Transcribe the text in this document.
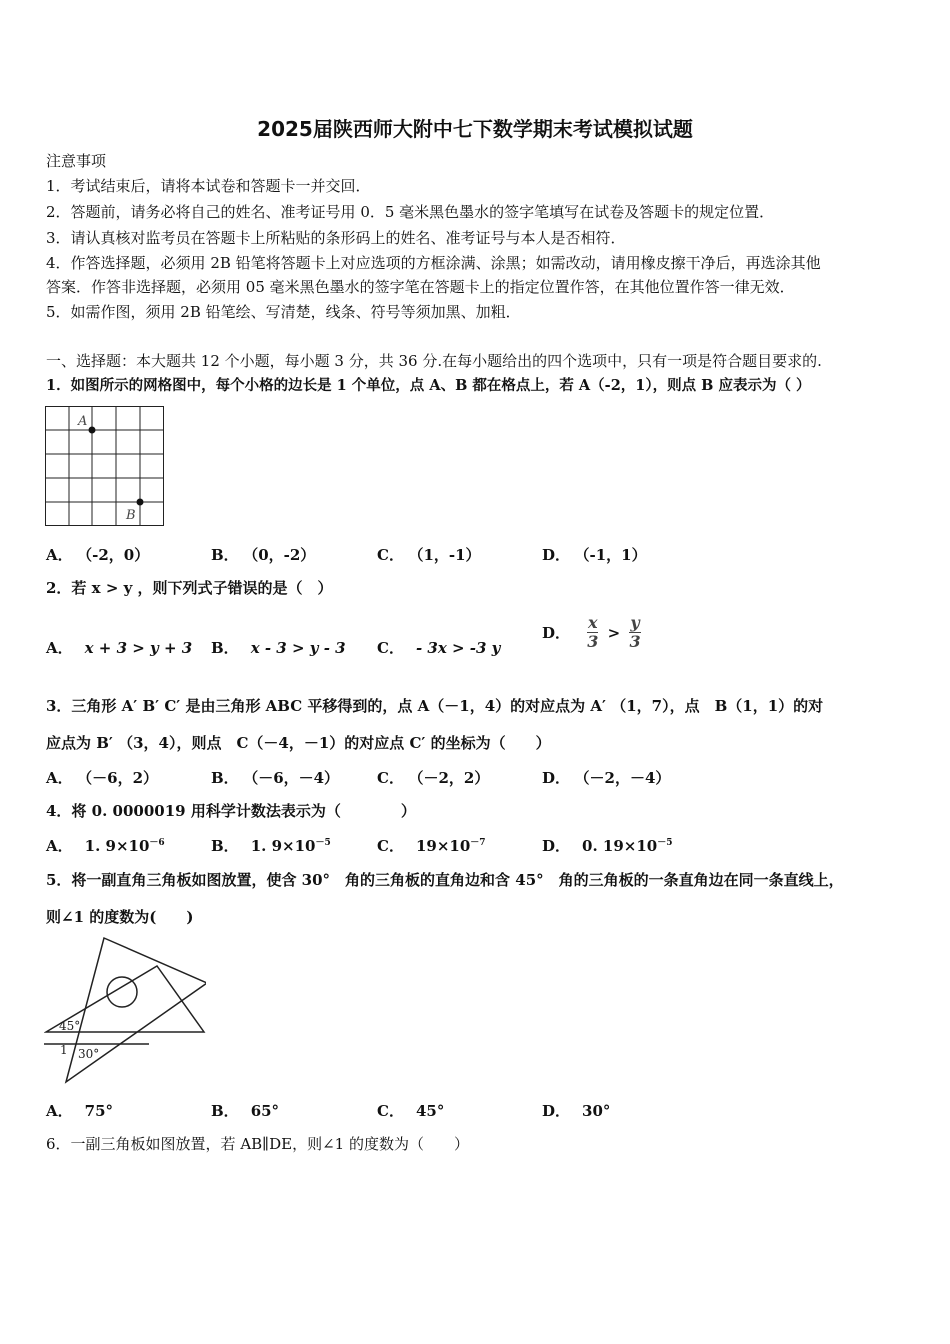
2025届陕西师大附中七下数学期末考试模拟试题
注意事项
1．考试结束后，请将本试卷和答题卡一并交回．
2．答题前，请务必将自己的姓名、准考证号用 0．5 毫米黑色墨水的签字笔填写在试卷及答题卡的规定位置．
3．请认真核对监考员在答题卡上所粘贴的条形码上的姓名、准考证号与本人是否相符．
4．作答选择题，必须用 2B 铅笔将答题卡上对应选项的方框涂满、涂黑；如需改动，请用橡皮擦干净后，再选涂其他
答案．作答非选择题，必须用 05 毫米黑色墨水的签字笔在答题卡上的指定位置作答，在其他位置作答一律无效．
5．如需作图，须用 2B 铅笔绘、写清楚，线条、符号等须加黑、加粗．
一、选择题：本大题共 12 个小题，每小题 3 分，共 36 分.在每小题给出的四个选项中，只有一项是符合题目要求的.
1．如图所示的网格图中，每个小格的边长是 1 个单位，点 A、B 都在格点上，若 A（-2，1），则点 B 应表示为（ ）
A
B
A． （-2，0）	B． （0，-2）	C． （1，-1）	D． （-1，1）
2．若 x > y ，则下列式子错误的是（　）
A． x + 3 > y + 3 B． x - 3 > y - 3 C． - 3x > -3 y
D． $\frac{x}{3} > \frac{y}{3}$
3．三角形 A′ B′ C′ 是由三角形 ABC 平移得到的，点 A（－1，4）的对应点为 A′ （1，7），点　B（1，1）的对
应点为 B′ （3，4），则点　C（－4，－1）的对应点 C′ 的坐标为（　　）
A． （－6，2）	B． （－6，－4）	C． （－2，2）	D． （－2，－4）
4．将 0. 0000019 用科学计数法表示为（　　　　）
A． 1. $9\times 10^{-6}$	B． 1. $9\times 10^{-5}$	C． $19\times 10^{-7}$	D． 0. $19\times 10^{-5}$
5．将一副直角三角板如图放置，使含 30°　角的三角板的直角边和含 45°　角的三角板的一条直角边在同一条直线上，
则∠1 的度数为(　　)
45°
1 30°
A． 75°	B． 65°	C． 45°	D． 30°
6．一副三角板如图放置，若 AB∥DE，则∠1 的度数为（　　）
